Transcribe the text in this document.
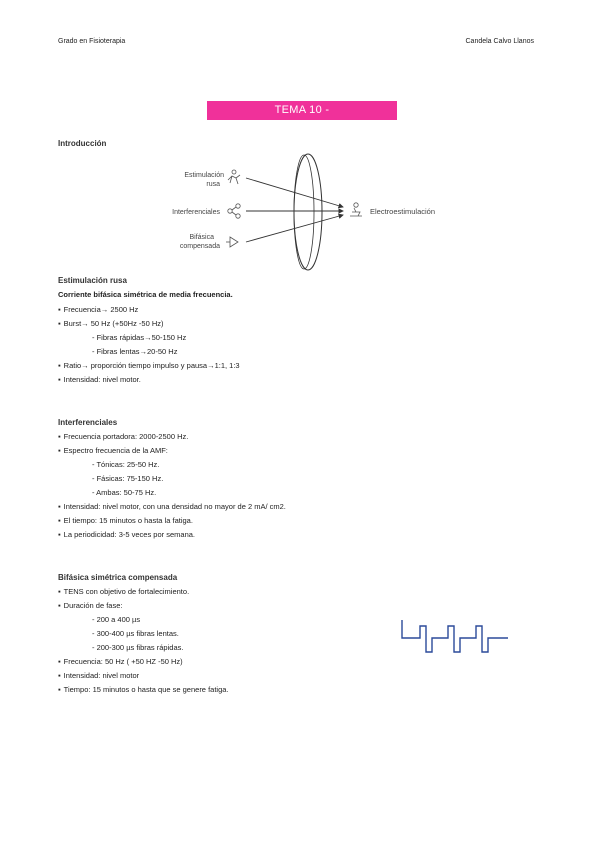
Grado en Fisioterapia	Candela Calvo Llanos
TEMA 10 - ELECTROESTIMULACIÓN.
Introducción
Estimulación
rusa
Interferenciales
Bifásica
compensada
Electroestimulación
Estimulación rusa
Corriente bifásica simétrica de media frecuencia.
▪ Frecuencia→ 2500 Hz
▪ Burst→ 50 Hz (+50Hz -50 Hz)
- Fibras rápidas→50-150 Hz
- Fibras lentas→20-50 Hz
▪ Ratio→ proporción tiempo impulso y pausa→1:1, 1:3
▪ Intensidad: nivel motor.
Interferenciales
▪ Frecuencia portadora: 2000-2500 Hz.
▪ Espectro frecuencia de la AMF:
- Tónicas: 25-50 Hz.
- Fásicas: 75-150 Hz.
- Ambas: 50-75 Hz.
▪ Intensidad: nivel motor, con una densidad no mayor de 2 mA/ cm2.
▪ El tiempo: 15 minutos o hasta la fatiga.
▪ La periodicidad: 3-5 veces por semana.
Bifásica simétrica compensada
▪ TENS con objetivo de fortalecimiento.
▪ Duración de fase:
- 200 a 400 µs
- 300-400 µs fibras lentas.
- 200-300 µs fibras rápidas.
▪ Frecuencia: 50 Hz ( +50 HZ -50 Hz)
▪ Intensidad: nivel motor
▪ Tiempo: 15 minutos o hasta que se genere fatiga.
